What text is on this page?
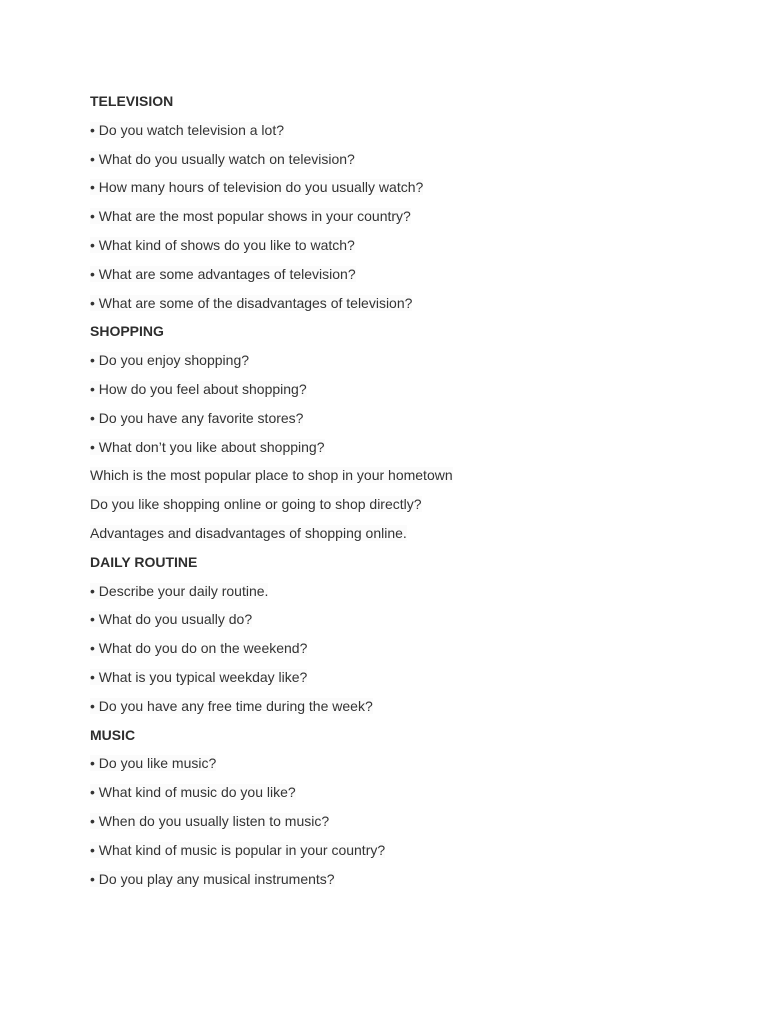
TELEVISION
• Do you watch television a lot?
• What do you usually watch on television?
• How many hours of television do you usually watch?
• What are the most popular shows in your country?
• What kind of shows do you like to watch?
• What are some advantages of television?
• What are some of the disadvantages of television?
SHOPPING
• Do you enjoy shopping?
• How do you feel about shopping?
• Do you have any favorite stores?
• What don’t you like about shopping?
Which is the most popular place to shop in your hometown
Do you like shopping online or going to shop directly?
Advantages and disadvantages of shopping online.
DAILY ROUTINE
• Describe your daily routine.
• What do you usually do?
• What do you do on the weekend?
• What is you typical weekday like?
• Do you have any free time during the week?
MUSIC
• Do you like music?
• What kind of music do you like?
• When do you usually listen to music?
• What kind of music is popular in your country?
• Do you play any musical instruments?
